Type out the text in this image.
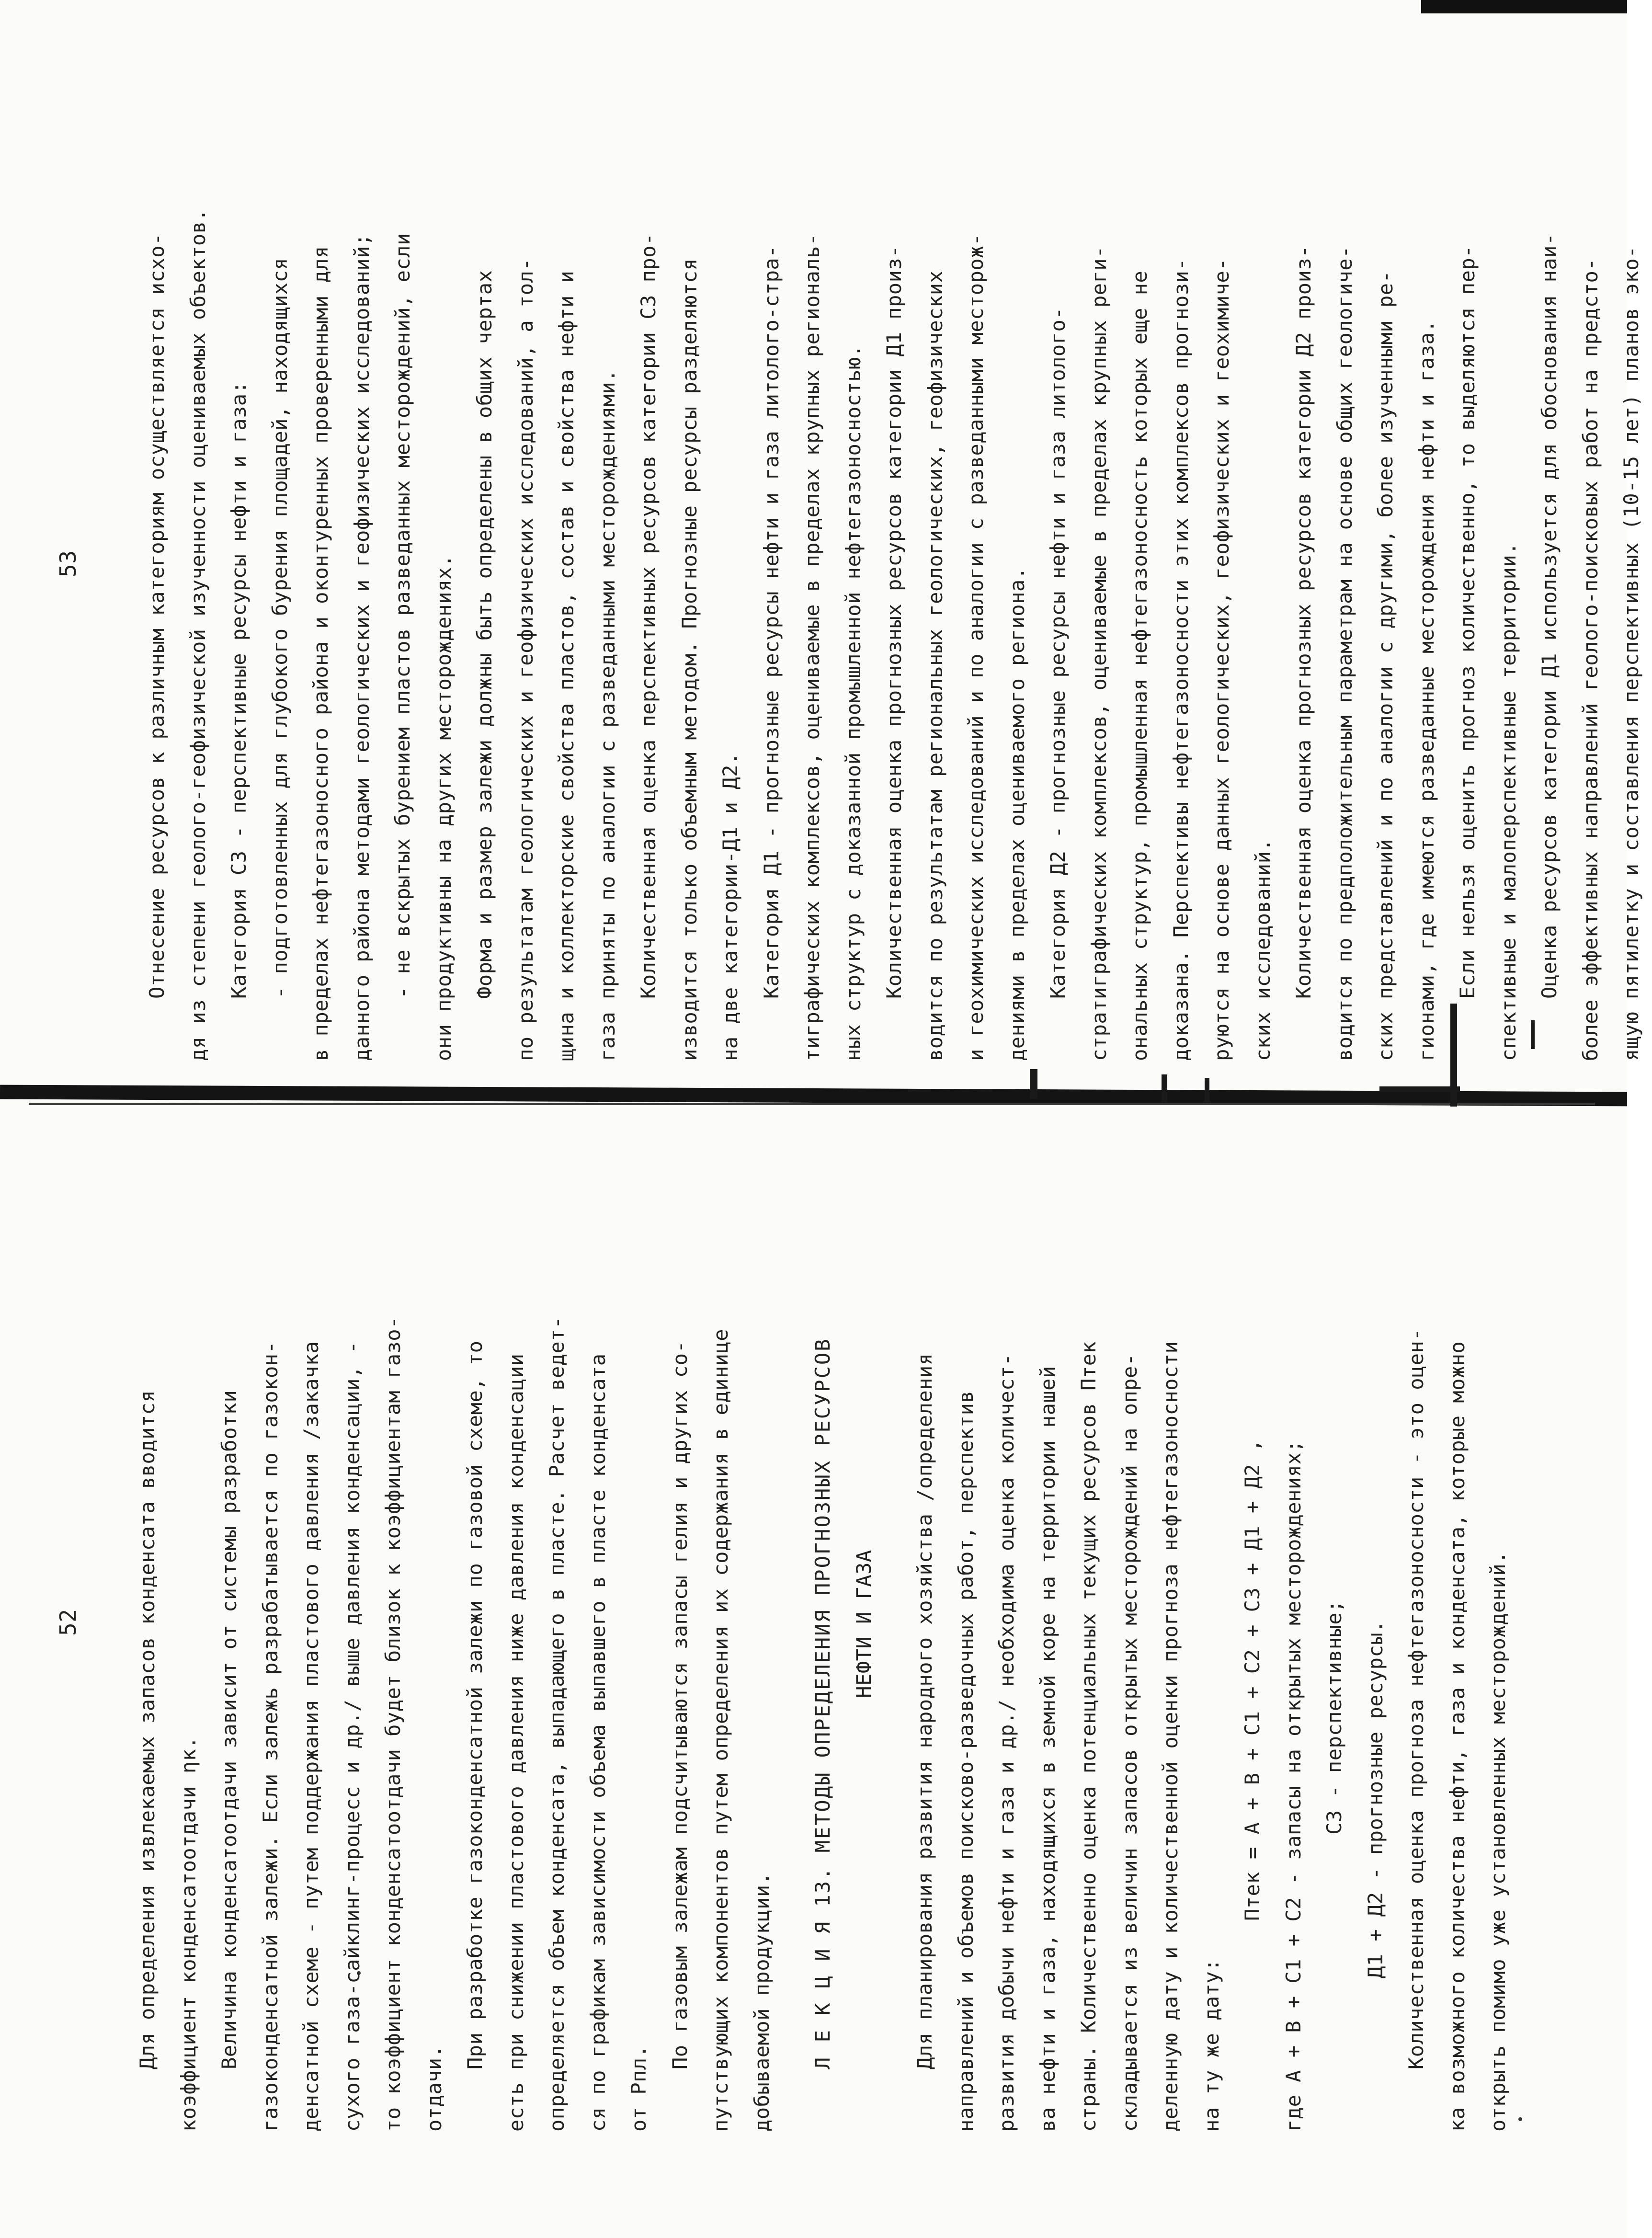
52	Для определения извлекаемых запасов конденсата вводится коэффициент конденсатоотдачи ηк. Величина конденсатоотдачи зависит от системы разработки газоконденсатной залежи. Если залежь разрабатывается по газокон- денсатной схеме - путем поддержания пластового давления /закачка сухого газа-сайклинг-процесс и др./ выше давления конденсации, - то коэффициент конденсатоотдачи будет близок к коэффициентам газо- отдачи.
При разработке газоконденсатной залежи по газовой схеме, то есть при снижении пластового давления ниже давления конденсации определяется объем конденсата, выпадающего в пласте. Расчет ведет- ся по графикам зависимости объема выпавшего в пласте конденсата от Pпл.
По газовым залежам подсчитываются запасы гелия и других со- путствующих компонентов путем определения их содержания в единице добываемой продукции.	Л Е К Ц И Я 13. МЕТОДЫ ОПРЕДЕЛЕНИЯ ПРОГНОЗНЫХ РЕСУРСОВ НЕФТИ И ГАЗА	Для планирования развития народного хозяйства /определения направлений и объемов поисково-разведочных работ, перспектив развития добычи нефти и газа и др./ необходима оценка количест- ва нефти и газа, находящихся в земной коре на территории нашей страны. Количественно оценка потенциальных текущих ресурсов Птек складывается из величин запасов открытых месторождений на опре- деленную дату и количественной оценки прогноза нефтегазоносности на ту же дату:
Птек = А + В + С1 + С2 + С3 + Д1 + Д2 , где А + В + С1 + С2 - запасы на открытых месторождениях; С3 - перспективные; Д1 + Д2 - прогнозные ресурсы. Количественная оценка прогноза нефтегазоносности - это оцен- ка возможного количества нефти, газа и конденсата, которые можно открыть помимо уже установленных месторождений.
53	Отнесение ресурсов к различным категориям осуществляется исхо- дя из степени геолого-геофизической изученности оцениваемых объектов. Категория С3 - перспективные ресурсы нефти и газа: - подготовленных для глубокого бурения площадей, находящихся в пределах нефтегазоносного района и оконтуренных проверенными для данного района методами геологических и геофизических исследований; - не вскрытых бурением пластов разведанных месторождений, если они продуктивны на других месторождениях. Форма и размер залежи должны быть определены в общих чертах по результатам геологических и геофизических исследований, а тол- щина и коллекторские свойства пластов, состав и свойства нефти и газа приняты по аналогии с разведанными месторождениями. Количественная оценка перспективных ресурсов категории С3 про- изводится только объемным методом. Прогнозные ресурсы разделяются на две категории-Д1 и Д2. Категория Д1 - прогнозные ресурсы нефти и газа литолого-стра- тиграфических комплексов, оцениваемые в пределах крупных региональ- ных структур с доказанной промышленной нефтегазоносностью. Количественная оценка прогнозных ресурсов категории Д1 произ- водится по результатам региональных геологических, геофизических и геохимических исследований и по аналогии с разведанными месторож- дениями в пределах оцениваемого региона. Категория Д2 - прогнозные ресурсы нефти и газа литолого- стратиграфических комплексов, оцениваемые в пределах крупных реги- ональных структур, промышленная нефтегазоносность которых еще не доказана. Перспективы нефтегазоносности этих комплексов прогнози- руются на основе данных геологических, геофизических и геохимиче- ских исследований. Количественная оценка прогнозных ресурсов категории Д2 произ- водится по предположительным параметрам на основе общих геологиче- ских представлений и по аналогии с другими, более изученными ре- гионами, где имеются разведанные месторождения нефти и газа. Если нельзя оценить прогноз количественно, то выделяются пер- спективные и малоперспективные территории. Оценка ресурсов категории Д1 используется для обоснования наи- более эффективных направлений геолого-поисковых работ на предсто- ящую пятилетку и составления перспективных (10-15 лет) планов эко-
